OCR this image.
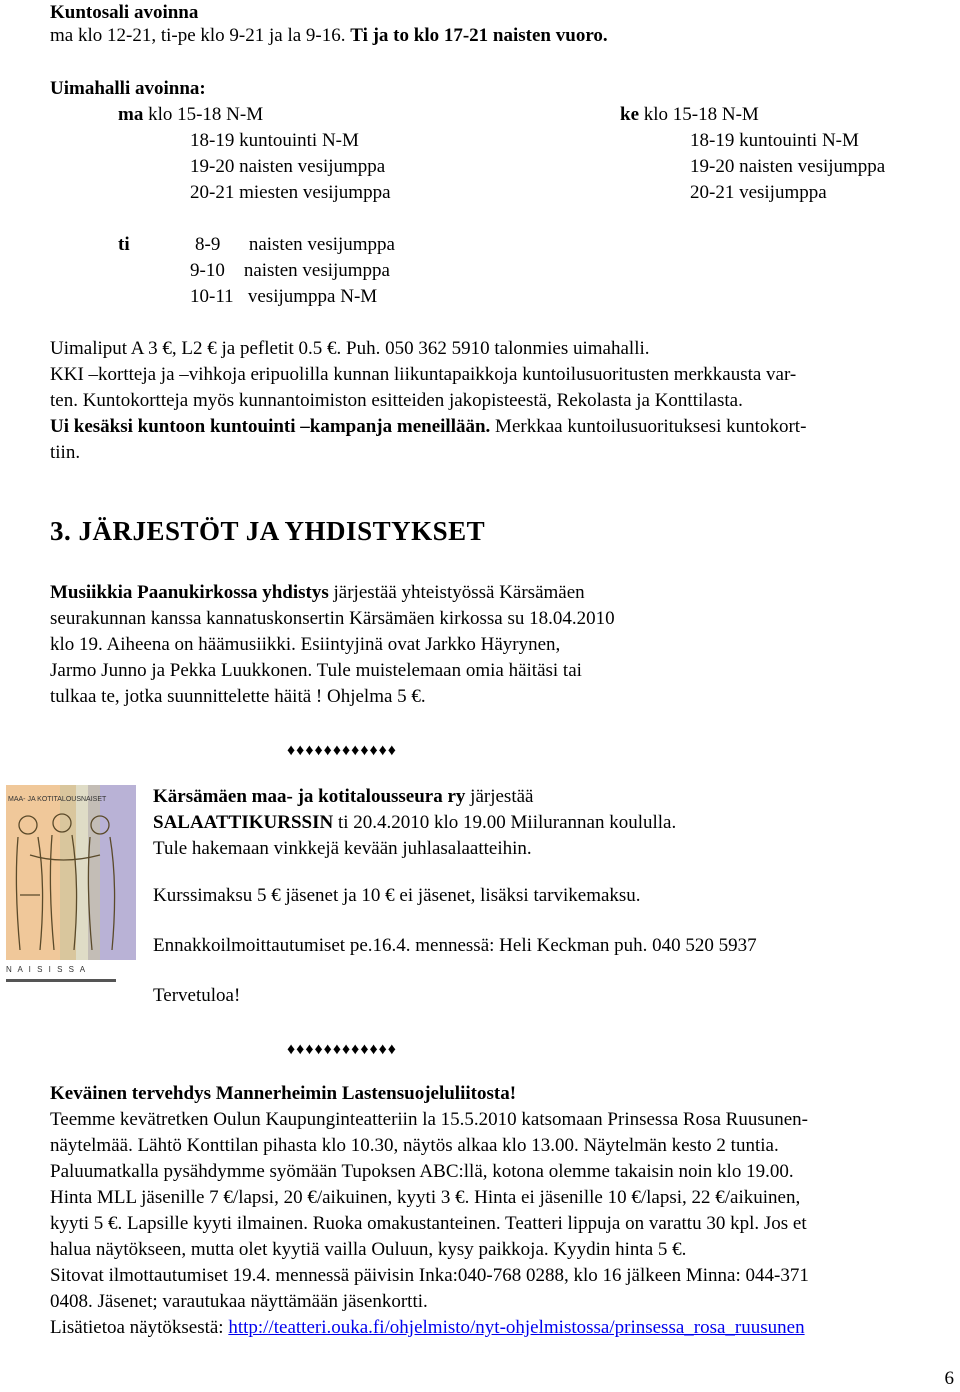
Kuntosali avoinna
ma klo 12-21, ti-pe klo 9-21 ja la 9-16. Ti ja to klo 17-21 naisten vuoro.
Uimahalli avoinna:
ma klo 15-18 N-M
18-19 kuntouinti N-M
19-20 naisten vesijumppa
20-21 miesten vesijumppa
ke klo 15-18 N-M
18-19 kuntouinti N-M
19-20 naisten vesijumppa
20-21 vesijumppa
ti	8-9      naisten vesijumppa
9-10    naisten vesijumppa
10-11   vesijumppa N-M
Uimaliput A 3 €, L2 € ja pefletit 0.5 €. Puh. 050 362 5910 talonmies uimahalli.
KKI –kortteja ja –vihkoja eripuolilla kunnan liikuntapaikkoja kuntoilusuoritusten merkkausta var-
ten. Kuntokortteja myös kunnantoimiston esitteiden jakopisteestä, Rekolasta ja Konttilasta.
Ui kesäksi kuntoon kuntouinti –kampanja meneillään. Merkkaa kuntoilusuorituksesi kuntokort-
tiin.
3. JÄRJESTÖT JA YHDISTYKSET
Musiikkia Paanukirkossa yhdistys järjestää yhteistyössä Kärsämäen
seurakunnan kanssa kannatuskonsertin Kärsämäen kirkossa su 18.04.2010
klo 19. Aiheena on häämusiikki. Esiintyjinä ovat Jarkko Häyrynen,
Jarmo Junno ja Pekka Luukkonen. Tule muistelemaan omia häitäsi tai
tulkaa te, jotka suunnittelette häitä ! Ohjelma 5 €.
♦♦♦♦♦♦♦♦♦♦♦♦
MAA- JA KOTITALOUSNAISET
N A I S I S S A
Kärsämäen maa- ja kotitalousseura ry järjestää
SALAATTIKURSSIN ti 20.4.2010 klo 19.00 Miilurannan koululla.
Tule hakemaan vinkkejä kevään juhlasalaatteihin.
Kurssimaksu 5 € jäsenet ja 10 € ei jäsenet, lisäksi tarvikemaksu.
Ennakkoilmoittautumiset pe.16.4. mennessä: Heli Keckman puh. 040 520 5937
Tervetuloa!
♦♦♦♦♦♦♦♦♦♦♦♦
Keväinen tervehdys Mannerheimin Lastensuojeluliitosta!
Teemme kevätretken Oulun Kaupunginteatteriin la 15.5.2010 katsomaan Prinsessa Rosa Ruusunen-
näytelmää. Lähtö Konttilan pihasta klo 10.30, näytös alkaa klo 13.00. Näytelmän kesto 2 tuntia.
Paluumatkalla pysähdymme syömään Tupoksen ABC:llä, kotona olemme takaisin noin klo 19.00.
Hinta MLL jäsenille 7 €/lapsi, 20 €/aikuinen, kyyti 3 €. Hinta ei jäsenille 10 €/lapsi, 22 €/aikuinen,
kyyti 5 €. Lapsille kyyti ilmainen. Ruoka omakustanteinen. Teatteri lippuja on varattu 30 kpl. Jos et
halua näytökseen, mutta olet kyytiä vailla Ouluun, kysy paikkoja. Kyydin hinta 5 €.
Sitovat ilmottautumiset 19.4. mennessä päivisin Inka:040-768 0288, klo 16 jälkeen Minna: 044-371
0408. Jäsenet; varautukaa näyttämään jäsenkortti.
Lisätietoa näytöksestä: http://teatteri.ouka.fi/ohjelmisto/nyt-ohjelmistossa/prinsessa_rosa_ruusunen
6
